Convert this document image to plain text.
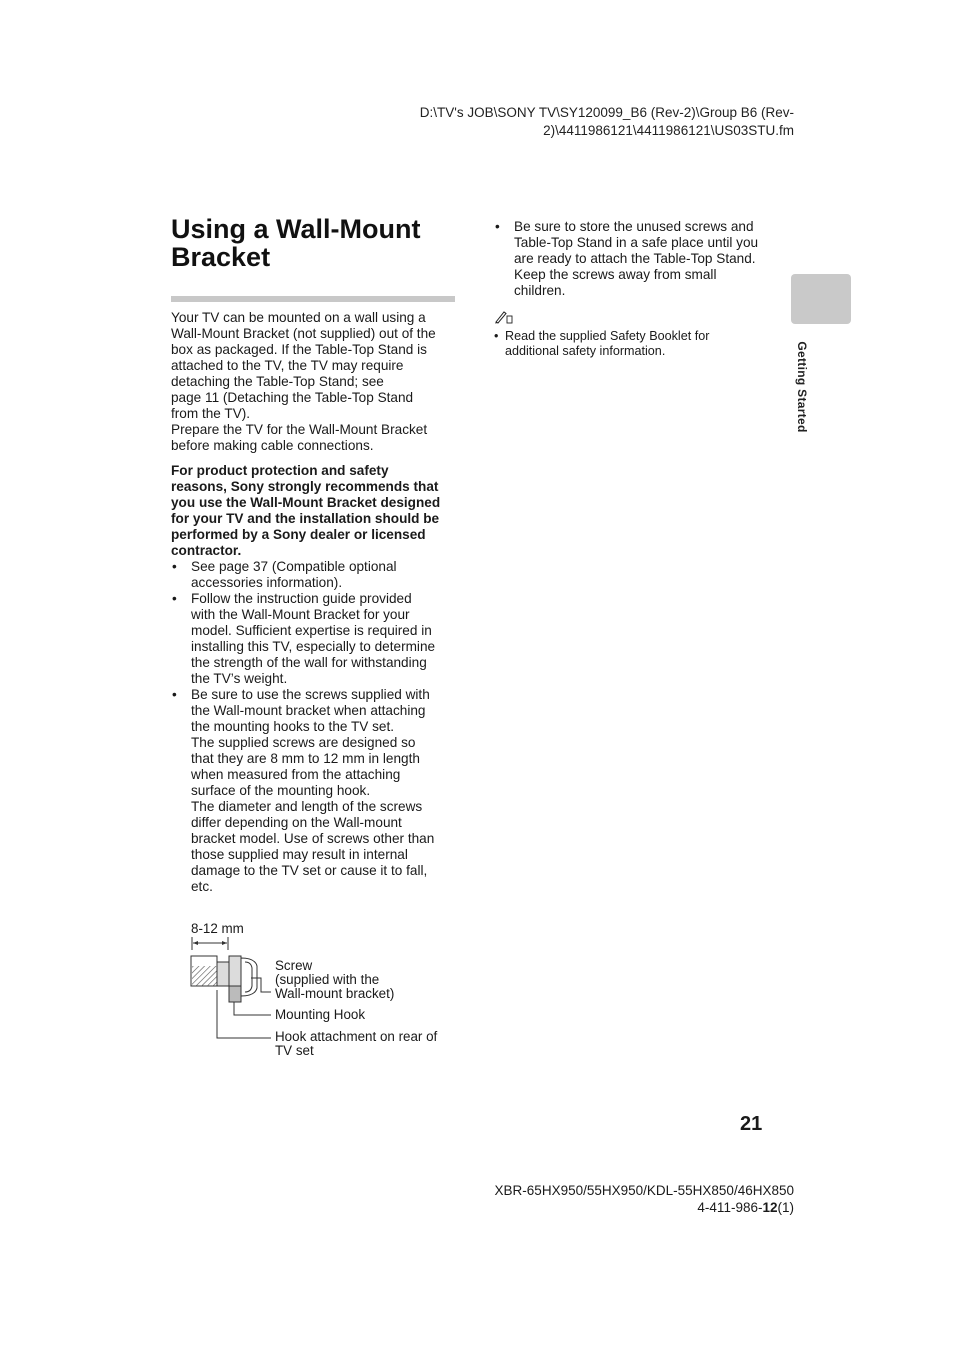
D:\TV's JOB\SONY TV\SY120099_B6 (Rev-2)\Group B6 (Rev-
2)\4411986121\4411986121\US03STU.fm
Using a Wall-Mount
Bracket

Your TV can be mounted on a wall using a
Wall-Mount Bracket (not supplied) out of the
box as packaged. If the Table-Top Stand is
attached to the TV, the TV may require
detaching the Table-Top Stand; see
page 11 (Detaching the Table-Top Stand
from the TV).
Prepare the TV for the Wall-Mount Bracket
before making cable connections.

For product protection and safety
reasons, Sony strongly recommends that
you use the Wall-Mount Bracket designed
for your TV and the installation should be
performed by a Sony dealer or licensed
contractor.

• See page 37 (Compatible optional
accessories information).
• Follow the instruction guide provided
with the Wall-Mount Bracket for your
model. Sufficient expertise is required in
installing this TV, especially to determine
the strength of the wall for withstanding
the TV’s weight.
• Be sure to use the screws supplied with
the Wall-mount bracket when attaching
the mounting hooks to the TV set.
The supplied screws are designed so
that they are 8 mm to 12 mm in length
when measured from the attaching
surface of the mounting hook.
The diameter and length of the screws
differ depending on the Wall-mount
bracket model. Use of screws other than
those supplied may result in internal
damage to the TV set or cause it to fall,
etc.
8-12 mm
Screw
(supplied with the
Wall-mount bracket)
Mounting Hook
Hook attachment on rear of
TV set
• Be sure to store the unused screws and
Table-Top Stand in a safe place until you
are ready to attach the Table-Top Stand.
Keep the screws away from small
children.
• Read the supplied Safety Booklet for
additional safety information.	Getting Started
21
XBR-65HX950/55HX950/KDL-55HX850/46HX850
4-411-986-12(1)
